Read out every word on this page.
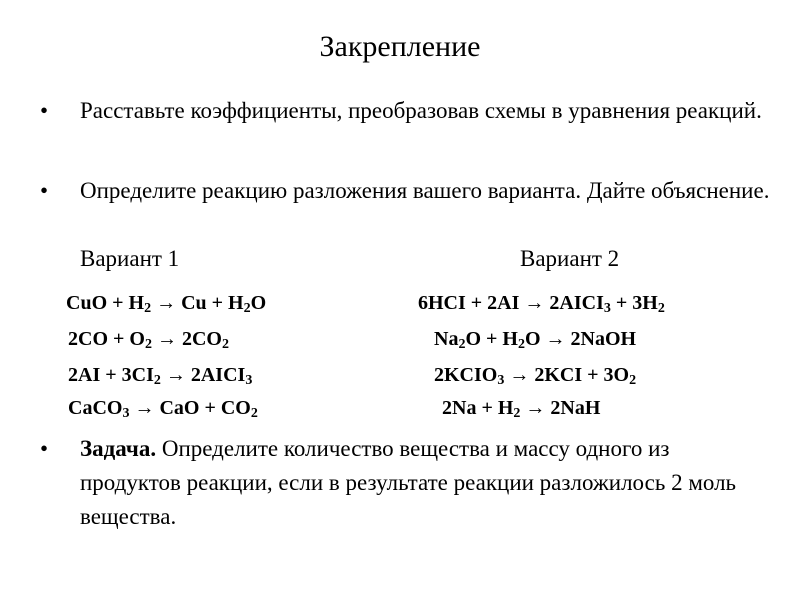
Закрепление
• Расставьте коэффициенты, преобразовав схемы в уравнения реакций.
• Определите реакцию разложения вашего варианта. Дайте объяснение.
Вариант 1	Вариант 2
CuO + $H_2 \to Cu + H_2O$
$2CO + O_2 \to 2CO_2$
$2AI + 3CI_2$ → $2AICI_3$
CaCO$_3$ → CaO + $CO_2$
$6HCI + 2AI \to 2AICI_3 + 3H_2$
$Na_2O + H_2O$ → 2NaOH
$2KCIO_3 \to 2KCI + 3O_2$
$2Na + H_2 \to 2NaH$
• Задача. Определите количество вещества и массу одного из продуктов реакции, если в результате реакции разложилось 2 моль вещества.
